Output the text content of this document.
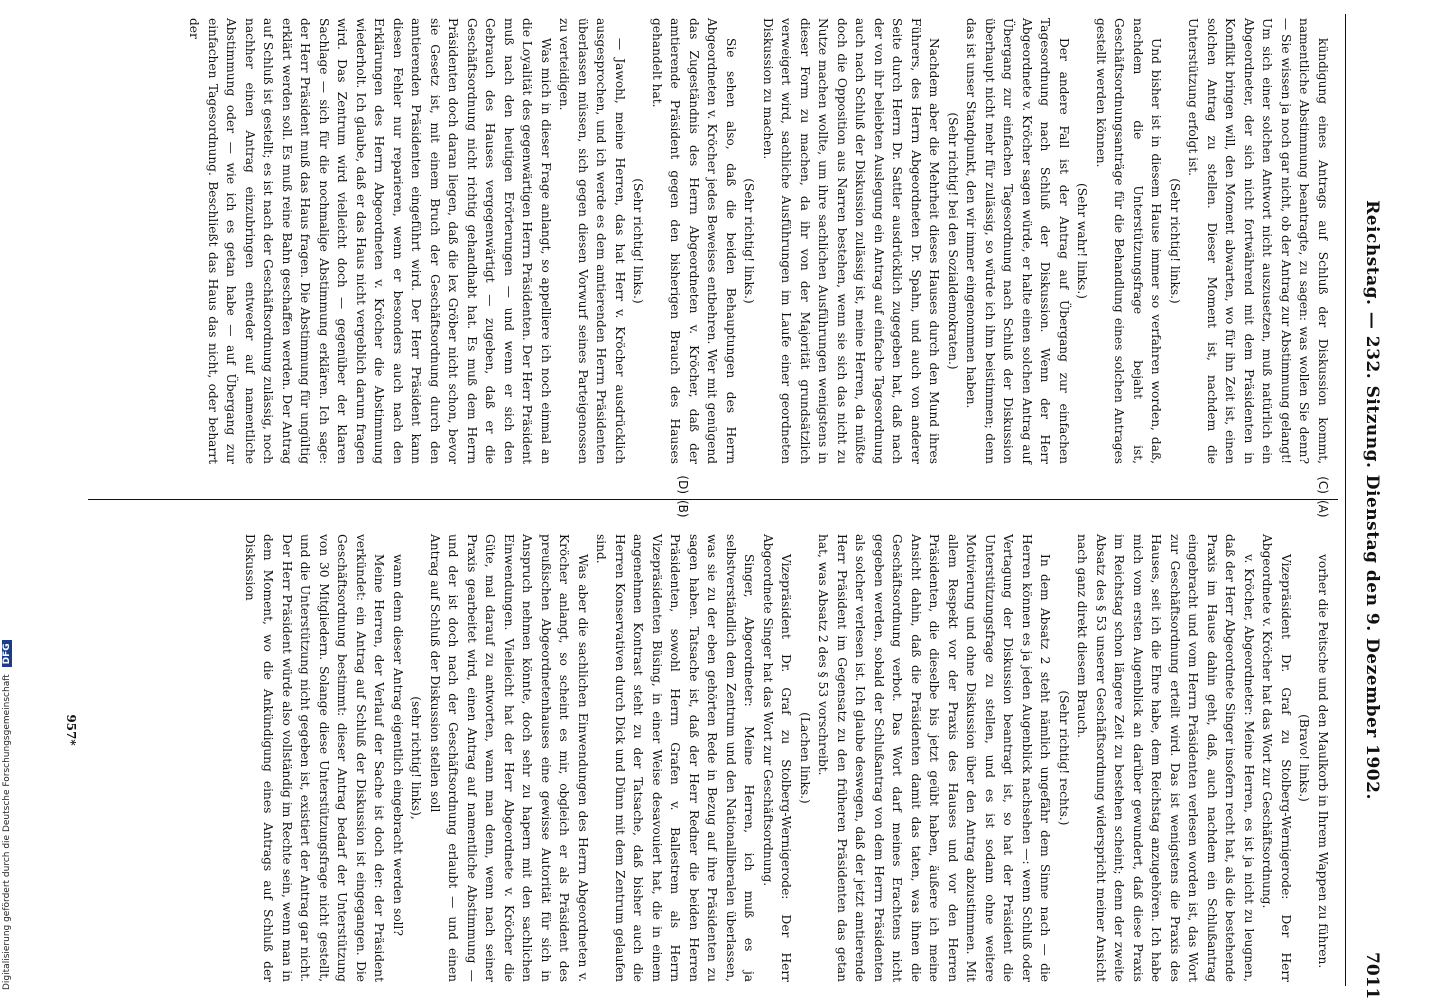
Reichstag. — 232. Sitzung. Dienstag den 9. Dezember 1902.
7011
(A)

vorher die Peitsche und den Maulkorb in Ihrem Wappen zu führen.

(Bravo! links.)

Vizepräsident Dr. Graf zu Stolberg-Wernigerode: Der Herr Abgeordnete v. Kröcher hat das Wort zur Geschäftsordnung.

v. Kröcher, Abgeordneter: Meine Herren, es ist ja nicht zu leugnen, daß der Herr Abgeordnete Singer insofern recht hat, als die bestehende Praxis im Hause dahin geht, daß, auch nachdem ein Schlußantrag eingebracht und vom Herrn Präsidenten verlesen worden ist, das Wort zur Geschäftsordnung erteilt wird. Das ist wenigstens die Praxis des Hauses, seit ich die Ehre habe, dem Reichstag anzugehören. Ich habe mich vom ersten Augenblick an darüber gewundert, daß diese Praxis im Reichstag schon längere Zeit zu bestehen scheint; denn der zweite Absatz des § 53 unserer Geschäftsordnung widerspricht meiner Ansicht nach ganz direkt diesem Brauch.

(Sehr richtig! rechts.)

In dem Absatz 2 steht nämlich ungefähr dem Sinne nach — die Herren können es ja jeden Augenblick nachsehen —: wenn Schluß oder Vertagung der Diskussion beantragt ist, so hat der Präsident die Unterstützungsfrage zu stellen, und es ist sodann ohne weitere Motivierung und ohne Diskussion über den Antrag abzustimmen. Mit allem Respekt vor der Praxis des Hauses und vor den Herren Präsidenten, die dieselbe bis jetzt geübt haben, äußere ich meine Ansicht dahin, daß die Präsidenten damit das taten, was ihnen die Geschäftsordnung verbot. Das Wort darf meines Erachtens nicht gegeben werden, sobald der Schlußantrag von dem Herrn Präsidenten als solcher verlesen ist. Ich glaube deswegen, daß der jetzt amtierende Herr Präsident im Gegensatz zu den früheren Präsidenten das getan hat, was Absatz 2 des § 53 vorschreibt.

(Lachen links.)

Vizepräsident Dr. Graf zu Stolberg-Wernigerode: Der Herr Abgeordnete Singer hat das Wort zur Geschäftsordnung.

Singer, Abgeordneter: Meine Herren, ich muß es ja selbstverständlich dem Zentrum und den Nationalliberalen überlassen, was sie zu der eben gehörten Rede in Bezug auf ihre Präsidenten zu sagen haben. Tatsache ist, daß der Herr Redner die beiden Herren Präsidenten, sowohl Herrn Grafen v. Ballestrem als Herrn Vizepräsidenten Büsing, in einer Weise desavouiert hat, die in einem angenehmen Kontrast steht zu der Tatsache, daß bisher auch die Herren Konservativen durch Dick und Dünn mit dem Zentrum gelaufen sind.

Was aber die sachlichen Einwendungen des Herrn Abgeordneten v. Kröcher anlangt, so scheint es mir, obgleich er als Präsident des preußischen Abgeordnetenhauses eine gewisse Autorität für sich in Anspruch nehmen könnte, doch sehr zu hapern mit den sachlichen Einwendungen. Vielleicht hat der Herr Abgeordnete v. Kröcher die Güte, mal darauf zu antworten, wann man denn, wenn nach seiner Praxis gearbeitet wird, einen Antrag auf namentliche Abstimmung — und der ist doch nach der Geschäftsordnung erlaubt — und einen Antrag auf Schluß der Diskussion stellen soll

(sehr richtig! links),

wann denn dieser Antrag eigentlich eingebracht werden soll?

Meine Herren, der Verlauf der Sache ist doch der: der Präsident verkündet: ein Antrag auf Schluß der Diskussion ist eingegangen. Die Geschäftsordnung bestimmt: dieser Antrag bedarf der Unterstützung von 30 Mitgliedern. Solange diese Unterstützungsfrage nicht gestellt, und die Unterstützung nicht gegeben ist, existiert der Antrag gar nicht. Der Herr Präsident würde also vollständig im Rechte sein, wenn man in dem Moment, wo die Ankündigung eines Antrags auf Schluß der Diskussion

(B)
(C)

kündigung eines Antrags auf Schluß der Diskussion kommt, namentliche Abstimmung beantragte, zu sagen: was wollen Sie denn? — Sie wissen ja noch gar nicht, ob der Antrag zur Abstimmung gelangt! Um sich einer solchen Antwort nicht auszusetzen, muß natürlich ein Abgeordneter, der sich nicht fortwährend mit dem Präsidenten in Konflikt bringen will, den Moment abwarten, wo für ihn Zeit ist, einen solchen Antrag zu stellen. Dieser Moment ist, nachdem die Unterstützung erfolgt ist.

(Sehr richtig! links.)

Und bisher ist in diesem Hause immer so verfahren worden, daß, nachdem die Unterstützungsfrage bejaht ist, Geschäftsordnungsanträge für die Behandlung eines solchen Antrages gestellt werden können.

(Sehr wahr! links.)

Der andere Fall ist der Antrag auf Übergang zur einfachen Tagesordnung nach Schluß der Diskussion. Wenn der Herr Abgeordnete v. Kröcher sagen würde, er halte einen solchen Antrag auf Übergang zur einfachen Tagesordnung nach Schluß der Diskussion überhaupt nicht mehr für zulässig, so würde ich ihm beistimmen; denn das ist unser Standpunkt, den wir immer eingenommen haben.

(Sehr richtig! bei den Sozialdemokraten.)

Nachdem aber die Mehrheit dieses Hauses durch den Mund ihres Führers, des Herrn Abgeordneten Dr. Spahn, und auch von anderer Seite durch Herrn Dr. Sattler ausdrücklich zugegeben hat, daß nach der von ihr beliebten Auslegung ein Antrag auf einfache Tagesordnung auch nach Schluß der Diskussion zulässig ist, meine Herren, da müßte doch die Opposition aus Narren bestehen, wenn sie sich das nicht zu Nutze machen wollte, um ihre sachlichen Ausführungen wenigstens in dieser Form zu machen, da ihr von der Majorität grundsätzlich verweigert wird, sachliche Ausführungen im Laufe einer geordneten Diskussion zu machen.

(Sehr richtig! links.)

Sie sehen also, daß die beiden Behauptungen des Herrn Abgeordneten v. Kröcher jedes Beweises entbehren. Wer mit genügend das Zugeständnis des Herrn Abgeordneten v. Kröcher, daß der amtierende Präsident gegen den bisherigen Brauch des Hauses gehandelt hat.

(Sehr richtig! links.)

— Jawohl, meine Herren, das hat Herr v. Kröcher ausdrücklich ausgesprochen, und ich werde es dem amtierenden Herrn Präsidenten überlassen müssen, sich gegen diesen Vorwurf seines Parteigenossen zu verteidigen.

Was mich in dieser Frage anlangt, so appelliere ich noch einmal an die Loyalität des gegenwärtigen Herrn Präsidenten. Der Herr Präsident muß nach den heutigen Erörterungen — und wenn er sich den Gebrauch des Hauses vergegenwärtigt — zugeben, daß er die Geschäftsordnung nicht richtig gehandhabt hat. Es muß dem Herrn Präsidenten doch daran liegen, daß die lex Gröber nicht schon, bevor sie Gesetz ist, mit einem Bruch der Geschäftsordnung durch den amtierenden Präsidenten eingeführt wird. Der Herr Präsident kann diesen Fehler nur reparieren, wenn er besonders auch nach den Erklärungen des Herrn Abgeordneten v. Kröcher die Abstimmung wiederholt. Ich glaube, daß er das Haus nicht vergeblich darum fragen wird. Das Zentrum wird vielleicht doch — gegenüber der klaren Sachlage — sich für die nochmalige Abstimmung erklären. Ich sage: der Herr Präsident muß das Haus fragen. Die Abstimmung für ungültig erklärt werden soll. Es muß reine Bahn geschaffen werden. Der Antrag auf Schluß ist gestellt; es ist nach der Geschäftsordnung zulässig, noch nachher einen Antrag einzubringen entweder auf namentliche Abstimmung oder — wie ich es getan habe — auf Übergang zur einfachen Tagesordnung. Beschließt das Haus das nicht, oder beharrt der

(D)
957*
Digitalisierung gefördert durch die Deutsche Forschungsgemeinschaft DFG
